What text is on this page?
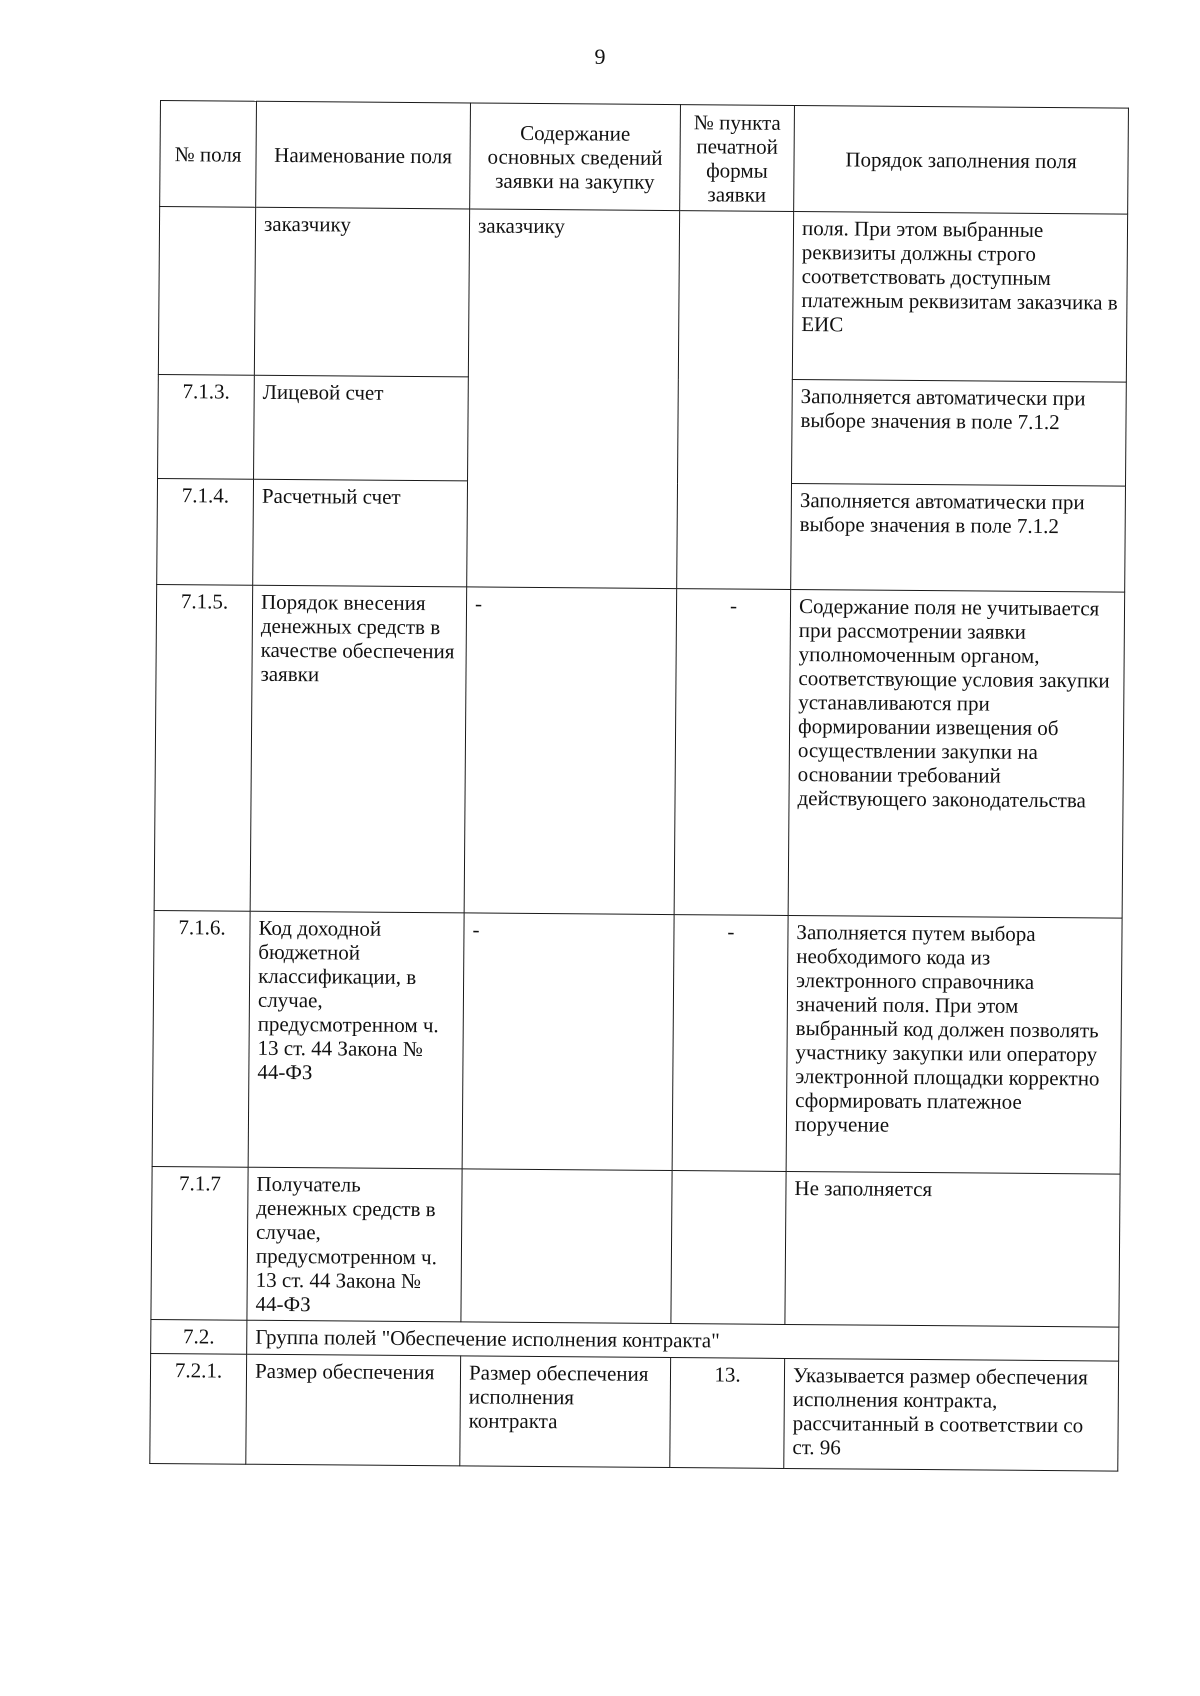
9
№ поля	Наименование поля	Содержание основных сведений заявки на закупку	№ пункта печатной формы заявки	Порядок заполнения поля
	заказчику	заказчику		поля. При этом выбранные реквизиты должны строго соответствовать доступным платежным реквизитам заказчика в ЕИС
7.1.3.	Лицевой счет			Заполняется автоматически при выборе значения в поле 7.1.2
7.1.4.	Расчетный счет			Заполняется автоматически при выборе значения в поле 7.1.2
7.1.5.	Порядок внесения денежных средств в качестве обеспечения заявки	-	-	Содержание поля не учитывается при рассмотрении заявки уполномоченным органом, соответствующие условия закупки устанавливаются при формировании извещения об осуществлении закупки на основании требований действующего законодательства
7.1.6.	Код доходной бюджетной классификации, в случае, предусмотренном ч. 13 ст. 44 Закона № 44-ФЗ	-	-	Заполняется путем выбора необходимого кода из электронного справочника значений поля. При этом выбранный код должен позволять участнику закупки или оператору электронной площадки корректно сформировать платежное поручение
7.1.7	Получатель денежных средств в случае, предусмотренном ч. 13 ст. 44 Закона № 44-ФЗ			Не заполняется
7.2.	Группа полей "Обеспечение исполнения контракта"			
7.2.1.	Размер обеспечения	Размер обеспечения исполнения контракта	13.	Указывается размер обеспечения исполнения контракта, рассчитанный в соответствии со ст. 96
